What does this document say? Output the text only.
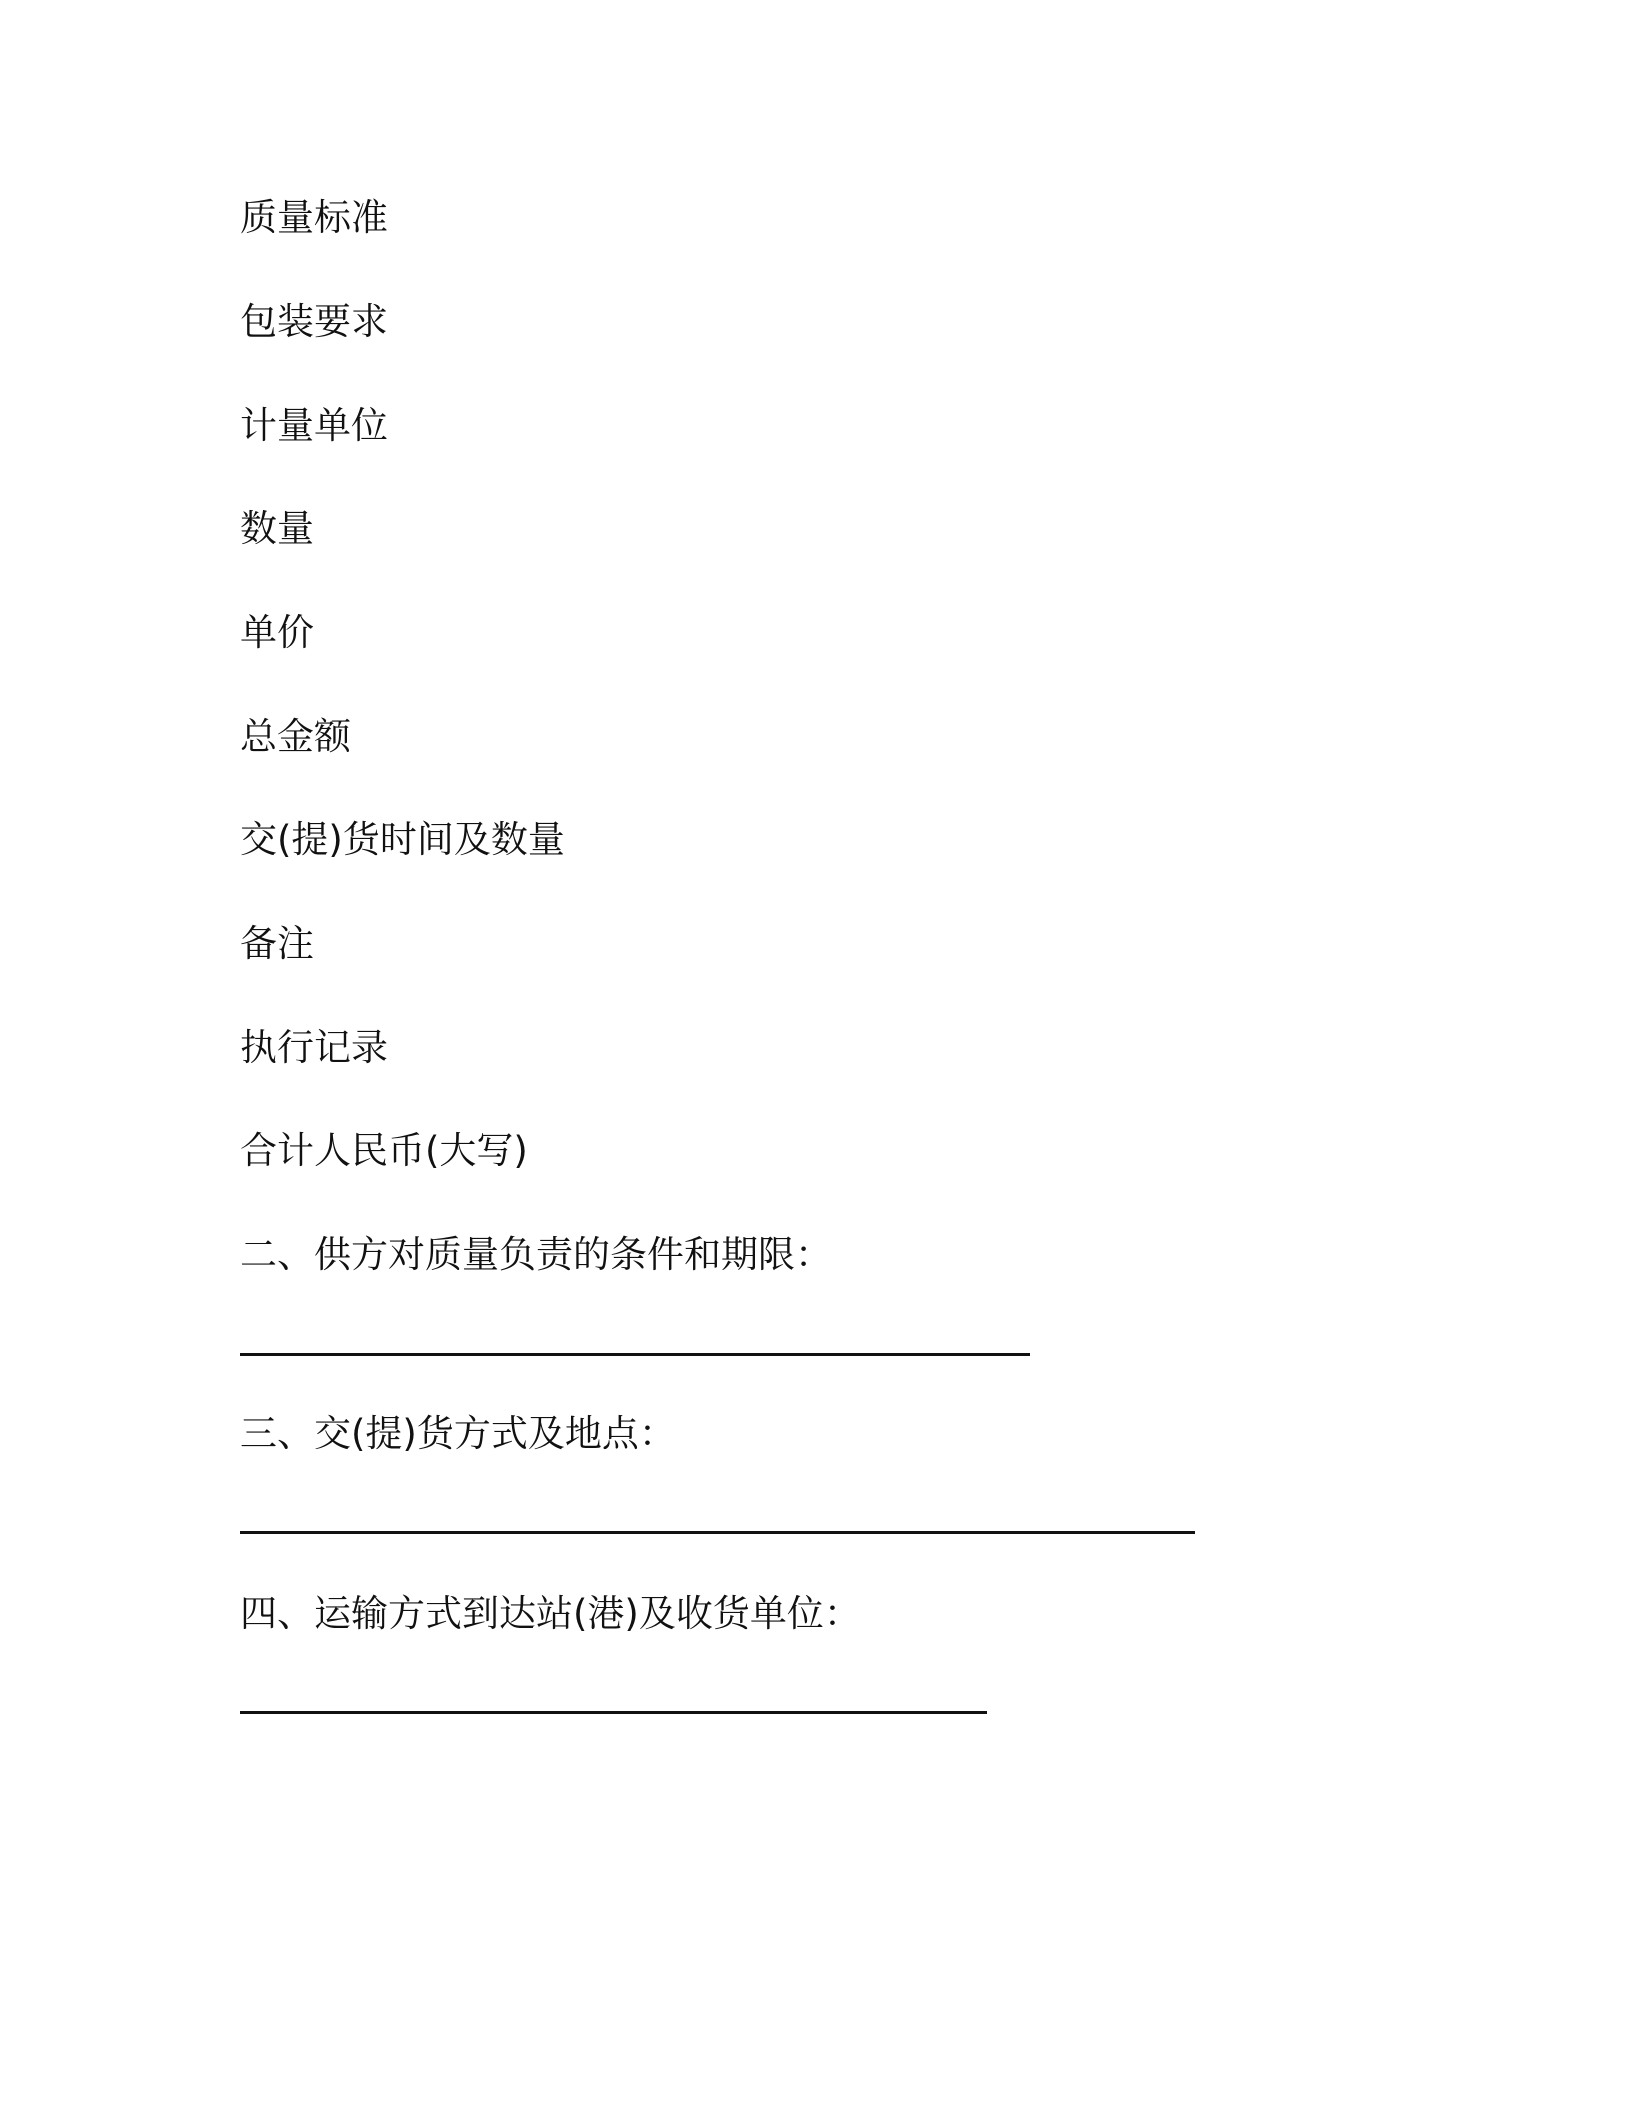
质量标准
包装要求
计量单位
数量
单价
总金额
交(提)货时间及数量
备注
执行记录
合计人民币(大写)
二、供方对质量负责的条件和期限：
三、交(提)货方式及地点：
四、运输方式到达站(港)及收货单位：
